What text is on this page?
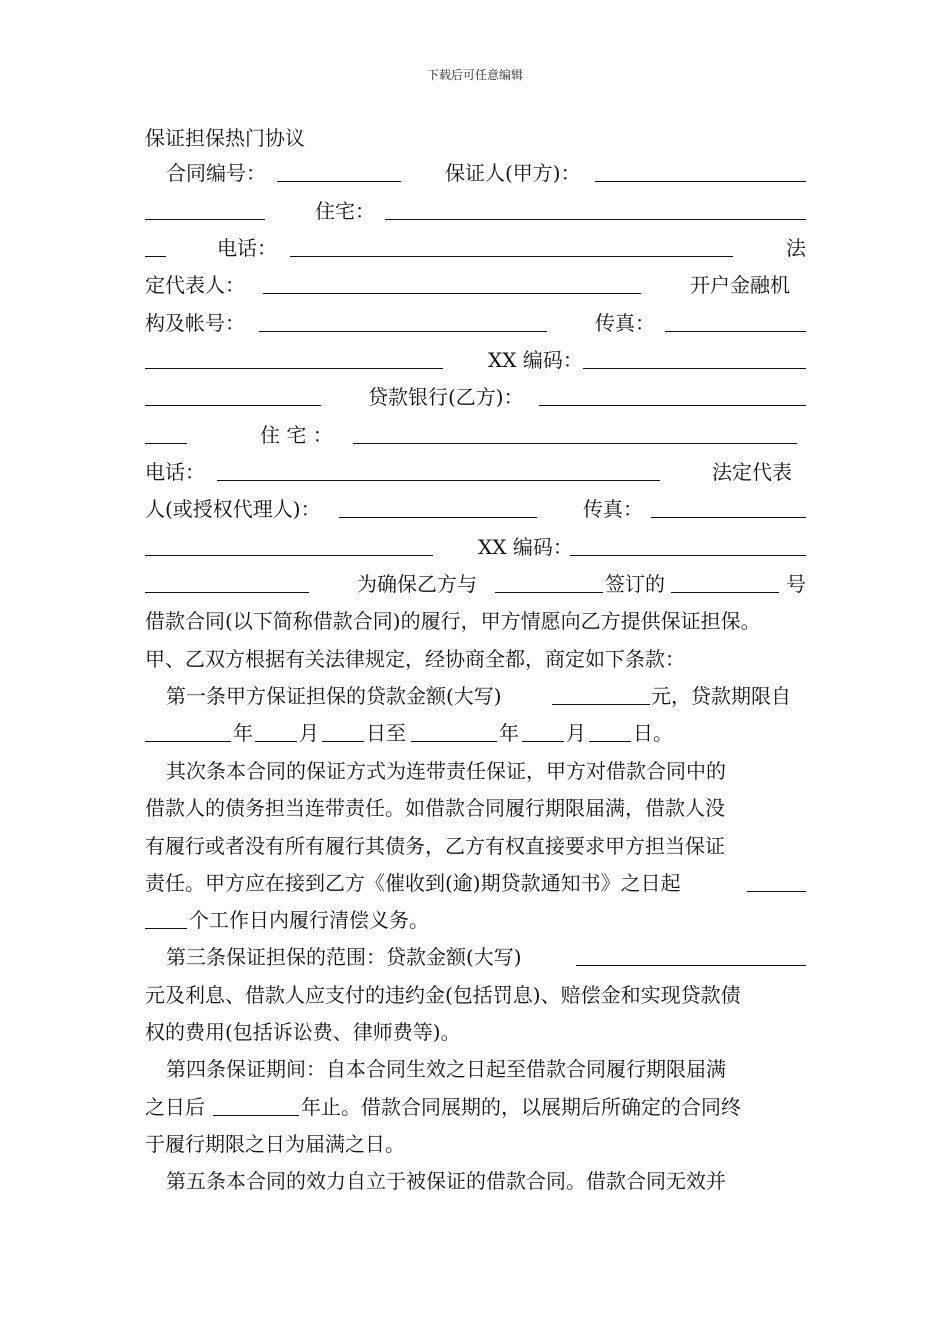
下载后可任意编辑
保证担保热门协议
合同编号：	保证人(甲方)：
住宅：
电话：	法
定代表人：	开户金融机
构及帐号：	传真：
XX 编码：
贷款银行(乙方)：
住 宅 ：
电话：	法定代表
人(或授权代理人)：	传真：
XX 编码：
为确保乙方与	签订的	号
借款合同(以下简称借款合同)的履行，甲方情愿向乙方提供保证担保。
甲、乙双方根据有关法律规定，经协商全都，商定如下条款：
第一条甲方保证担保的贷款金额(大写)	元，贷款期限自
年 月 日至	年 月 日。
其次条本合同的保证方式为连带责任保证，甲方对借款合同中的
借款人的债务担当连带责任。如借款合同履行期限届满，借款人没
有履行或者没有所有履行其债务，乙方有权直接要求甲方担当保证
责任。甲方应在接到乙方《催收到(逾)期贷款通知书》之日起
个工作日内履行清偿义务。
第三条保证担保的范围：贷款金额(大写)
元及利息、借款人应支付的违约金(包括罚息)、赔偿金和实现贷款债
权的费用(包括诉讼费、律师费等)。
第四条保证期间：自本合同生效之日起至借款合同履行期限届满
之日后	年止。借款合同展期的，以展期后所确定的合同终
于履行期限之日为届满之日。
第五条本合同的效力自立于被保证的借款合同。借款合同无效并
